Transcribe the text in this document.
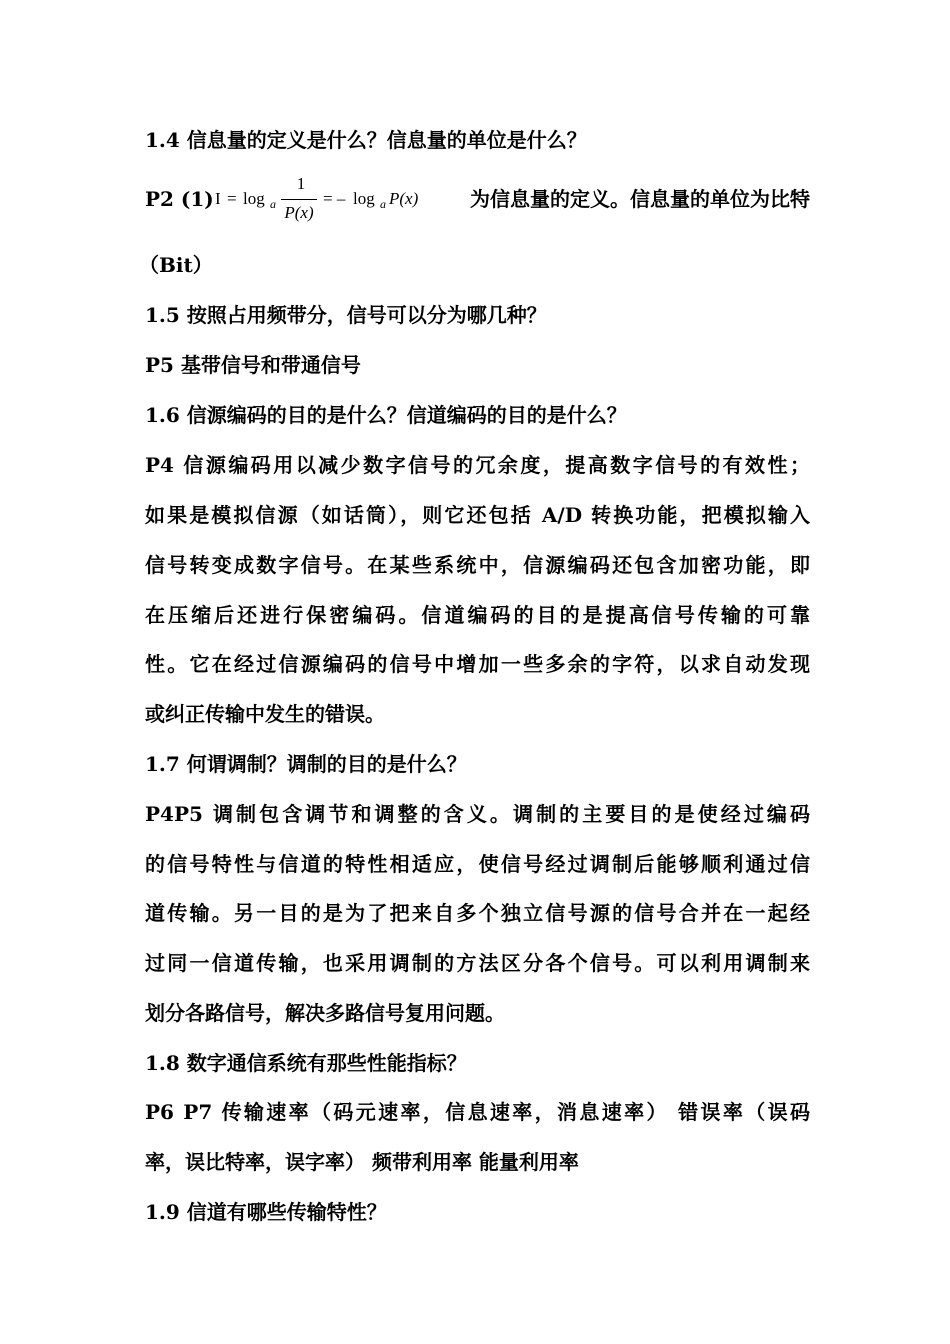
1.4 信息量的定义是什么？信息量的单位是什么？
P2 (1) I = log a
1
P(x)
= – log a P(x)	为信息量的定义。信息量的单位为比特
（Bit）
1.5 按照占用频带分，信号可以分为哪几种？
P5 基带信号和带通信号
1.6 信源编码的目的是什么？信道编码的目的是什么？
P4 信源编码用以减少数字信号的冗余度，提高数字信号的有效性；
如果是模拟信源（如话筒），则它还包括 A/D 转换功能，把模拟输入
信号转变成数字信号。在某些系统中，信源编码还包含加密功能，即
在压缩后还进行保密编码。信道编码的目的是提高信号传输的可靠
性。它在经过信源编码的信号中增加一些多余的字符，以求自动发现
或纠正传输中发生的错误。
1.7 何谓调制？调制的目的是什么？
P4P5 调制包含调节和调整的含义。调制的主要目的是使经过编码
的信号特性与信道的特性相适应，使信号经过调制后能够顺利通过信
道传输。另一目的是为了把来自多个独立信号源的信号合并在一起经
过同一信道传输，也采用调制的方法区分各个信号。可以利用调制来
划分各路信号，解决多路信号复用问题。
1.8 数字通信系统有那些性能指标？
P6 P7 传输速率（码元速率，信息速率，消息速率） 错误率（误码
率，误比特率，误字率） 频带利用率 能量利用率
1.9 信道有哪些传输特性？
